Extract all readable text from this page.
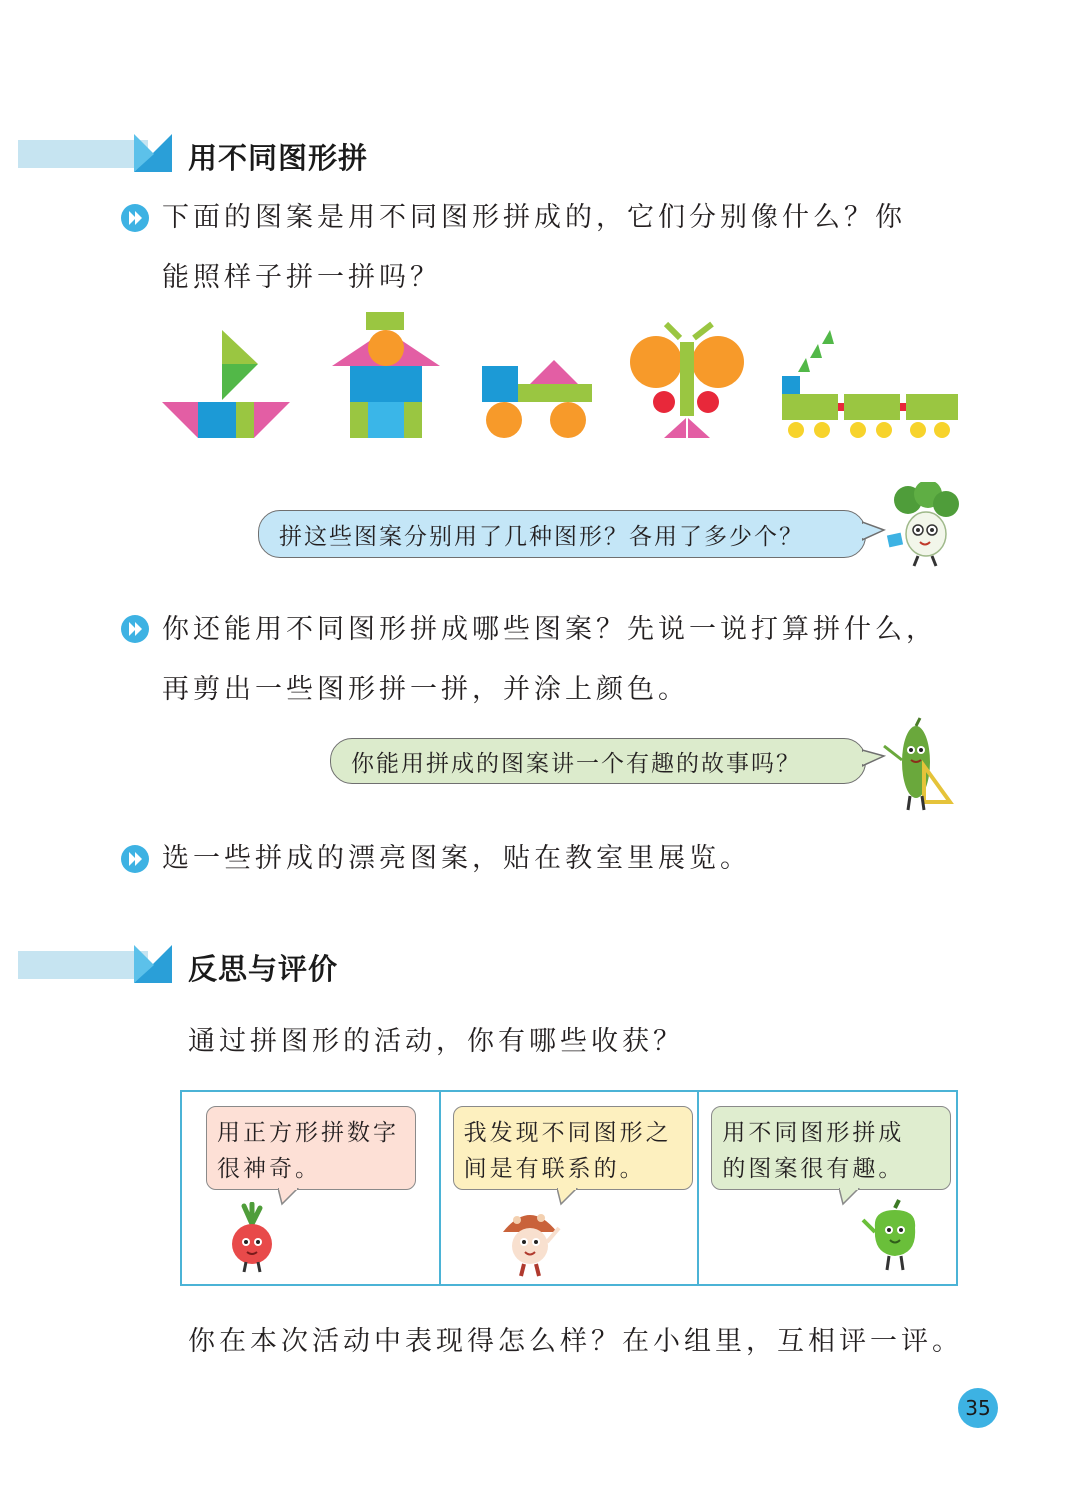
用不同图形拼
下面的图案是用不同图形拼成的，它们分别像什么？你
能照样子拼一拼吗？
拼这些图案分别用了几种图形？各用了多少个？
你还能用不同图形拼成哪些图案？先说一说打算拼什么，
再剪出一些图形拼一拼，并涂上颜色。
你能用拼成的图案讲一个有趣的故事吗？
选一些拼成的漂亮图案，贴在教室里展览。
反思与评价
通过拼图形的活动，你有哪些收获？
用正方形拼数字
很神奇。
我发现不同图形之
间是有联系的。
用不同图形拼成
的图案很有趣。
你在本次活动中表现得怎么样？在小组里，互相评一评。
35
